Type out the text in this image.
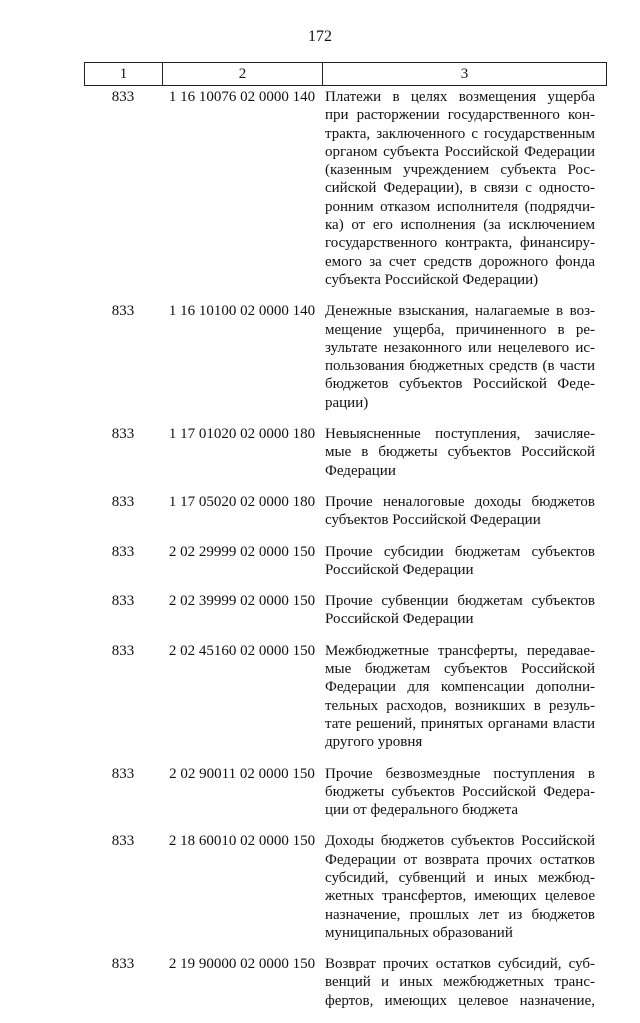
172
1	2	3
833	1 16 10076 02 0000 140 Платежи в целях возмещения ущерба
при расторжении государственного кон-
тракта, заключенного с государственным
органом субъекта Российской Федерации
(казенным учреждением субъекта Рос-
сийской Федерации), в связи с односто-
ронним отказом исполнителя (подрядчи-
ка) от его исполнения (за исключением
государственного контракта, финансиру-
емого за счет средств дорожного фонда
субъекта Российской Федерации)
833	1 16 10100 02 0000 140 Денежные взыскания, налагаемые в воз-
мещение ущерба, причиненного в ре-
зультате незаконного или нецелевого ис-
пользования бюджетных средств (в части
бюджетов субъектов Российской Феде-
рации)
833	1 17 01020 02 0000 180 Невыясненные поступления, зачисляе-
мые в бюджеты субъектов Российской
Федерации
833	1 17 05020 02 0000 180 Прочие неналоговые доходы бюджетов
субъектов Российской Федерации
833	2 02 29999 02 0000 150 Прочие субсидии бюджетам субъектов
Российской Федерации
833	2 02 39999 02 0000 150 Прочие субвенции бюджетам субъектов
Российской Федерации
833	2 02 45160 02 0000 150 Межбюджетные трансферты, передавае-
мые бюджетам субъектов Российской
Федерации для компенсации дополни-
тельных расходов, возникших в резуль-
тате решений, принятых органами власти
другого уровня
833	2 02 90011 02 0000 150 Прочие безвозмездные поступления в
бюджеты субъектов Российской Федера-
ции от федерального бюджета
833	2 18 60010 02 0000 150 Доходы бюджетов субъектов Российской
Федерации от возврата прочих остатков
субсидий, субвенций и иных межбюд-
жетных трансфертов, имеющих целевое
назначение, прошлых лет из бюджетов
муниципальных образований
833	2 19 90000 02 0000 150 Возврат прочих остатков субсидий, суб-
венций и иных межбюджетных транс-
фертов, имеющих целевое назначение,
